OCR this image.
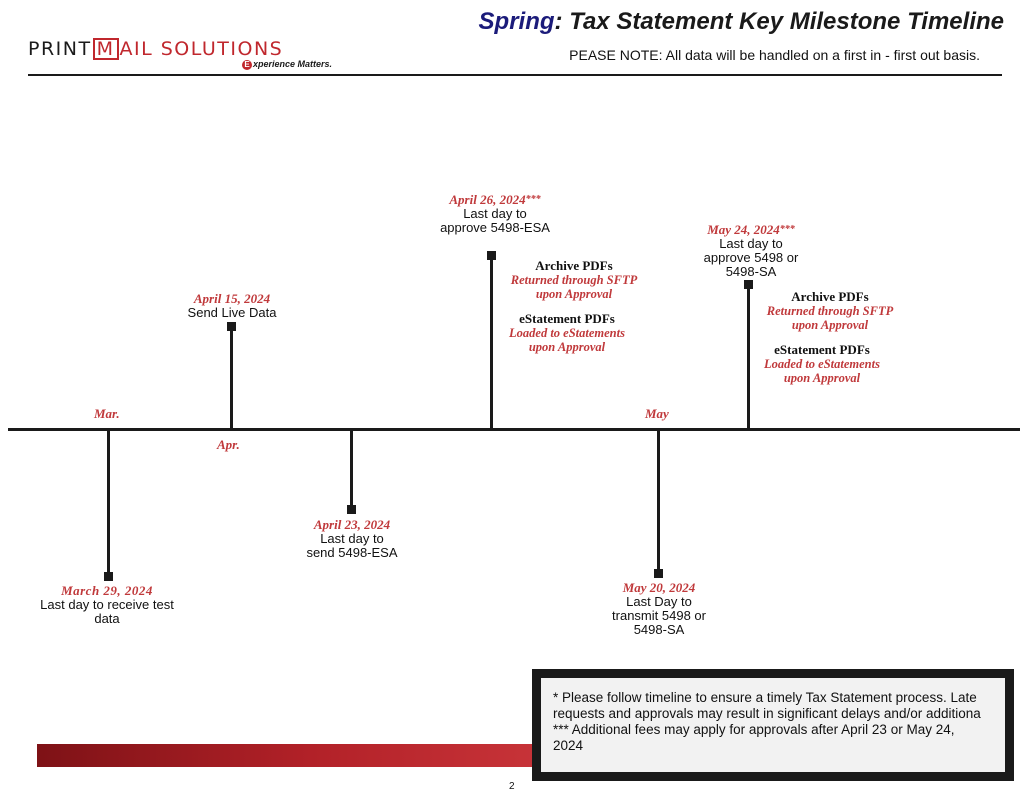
PRINT M AIL SOLUTIONS
E xperience Matters.
Spring: Tax Statement Key Milestone Timeline
PEASE NOTE: All data will be handled on a first in - first out basis.
Mar.
Apr.
May
March 29, 2024
Last day to receive test data
April 15, 2024
Send Live Data
April 23, 2024
Last day to send 5498-ESA
April 26, 2024***
Last day to approve 5498-ESA
Archive PDFs
Returned through SFTP
upon Approval
eStatement PDFs
Loaded to eStatements
upon Approval
May 20, 2024
Last Day to transmit 5498 or 5498-SA
May 24, 2024***
Last day to approve 5498 or 5498-SA
Archive PDFs
Returned through SFTP
upon Approval
eStatement PDFs
Loaded to eStatements
upon Approval

* Please follow timeline to ensure a timely Tax Statement process. Late

requests and approvals may result in significant delays and/or additiona

*** Additional fees may apply for approvals after April 23 or May 24,

2024

2
